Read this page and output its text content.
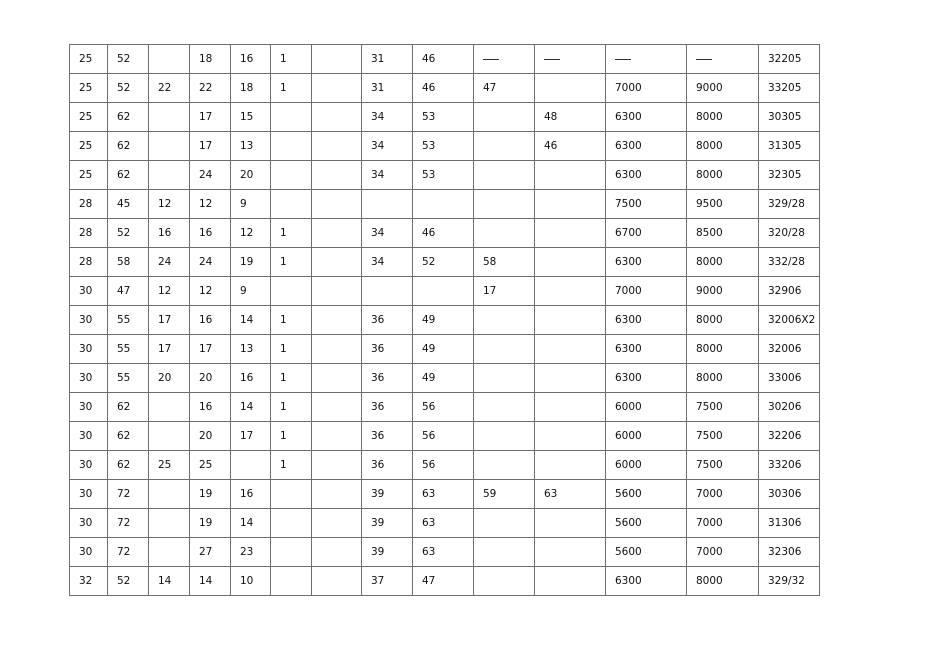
25	52		18	16	1		31	46					32205
25	52	22	22	18	1		31	46	47		7000	9000	33205
25	62		17	15			34	53		48	6300	8000	30305
25	62		17	13			34	53		46	6300	8000	31305
25	62		24	20			34	53			6300	8000	32305
28	45	12	12	9							7500	9500	329/28
28	52	16	16	12	1		34	46			6700	8500	320/28
28	58	24	24	19	1		34	52	58		6300	8000	332/28
30	47	12	12	9					17		7000	9000	32906
30	55	17	16	14	1		36	49			6300	8000	32006X2
30	55	17	17	13	1		36	49			6300	8000	32006
30	55	20	20	16	1		36	49			6300	8000	33006
30	62		16	14	1		36	56			6000	7500	30206
30	62		20	17	1		36	56			6000	7500	32206
30	62	25	25		1		36	56			6000	7500	33206
30	72		19	16			39	63	59	63	5600	7000	30306
30	72		19	14			39	63			5600	7000	31306
30	72		27	23			39	63			5600	7000	32306
32	52	14	14	10			37	47			6300	8000	329/32
